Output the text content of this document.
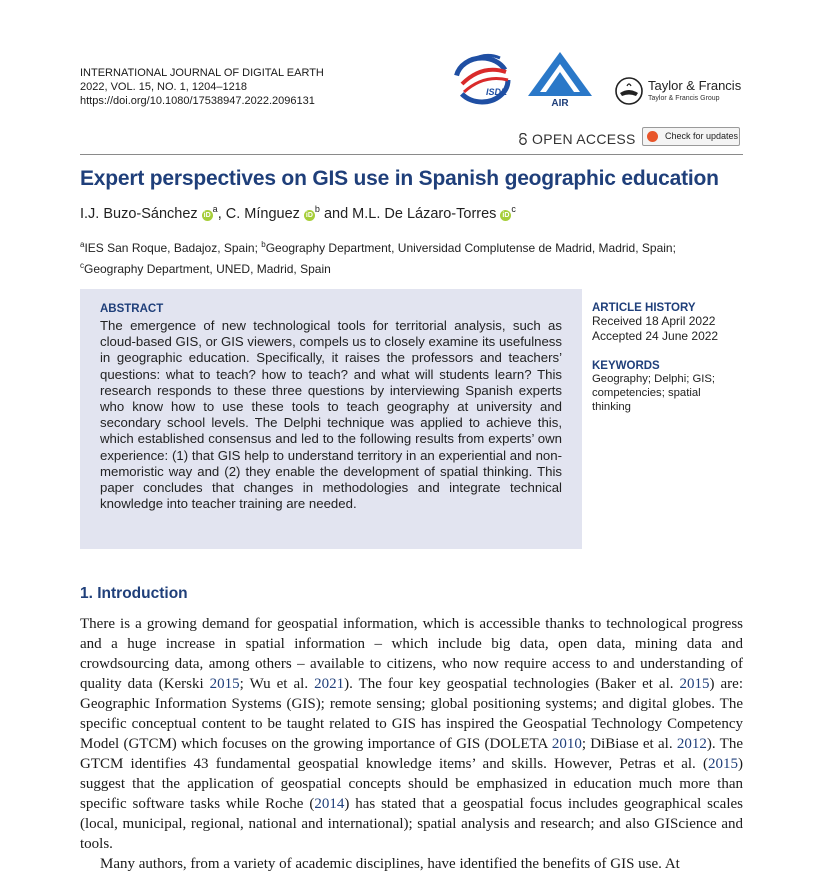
INTERNATIONAL JOURNAL OF DIGITAL EARTH
2022, VOL. 15, NO. 1, 1204–1218
https://doi.org/10.1080/17538947.2022.2096131
ISDE
AIR
Taylor & Francis
Taylor & Francis Group
OPEN ACCESS	Check for updates
Expert perspectives on GIS use in Spanish geographic education
I.J. Buzo-Sánchez $iD^a$, C. Mínguez $iD^b$ and M.L. De Lázaro-Torres $iD^c$
$^a$IES San Roque, Badajoz, Spain; $^b$Geography Department, Universidad Complutense de Madrid, Madrid, Spain;
$^c$Geography Department, UNED, Madrid, Spain
ABSTRACT
The emergence of new technological tools for territorial analysis, such as cloud-based GIS, or GIS viewers, compels us to closely examine its usefulness in geographic education. Specifically, it raises the professors and teachers’ questions: what to teach? how to teach? and what will students learn? This research responds to these three questions by interviewing Spanish experts who know how to use these tools to teach geography at university and secondary school levels. The Delphi technique was applied to achieve this, which established consensus and led to the following results from experts’ own experience: (1) that GIS help to understand territory in an experiential and non-memoristic way and (2) they enable the development of spatial thinking. This paper concludes that changes in methodologies and integrate technical knowledge into teacher training are needed.
ARTICLE HISTORY
Received 18 April 2022
Accepted 24 June 2022
KEYWORDS
Geography; Delphi; GIS; competencies; spatial thinking
1. Introduction

There is a growing demand for geospatial information, which is accessible thanks to technological progress and a huge increase in spatial information – which include big data, open data, mining data and crowdsourcing data, among others – available to citizens, who now require access to and understanding of quality data (Kerski 2015; Wu et al. 2021). The four key geospatial technologies (Baker et al. 2015) are: Geographic Information Systems (GIS); remote sensing; global positioning systems; and digital globes. The specific conceptual content to be taught related to GIS has inspired the Geospatial Technology Competency Model (GTCM) which focuses on the growing importance of GIS (DOLETA 2010; DiBiase et al. 2012). The GTCM identifies 43 fundamental geospatial knowledge items’ and skills. However, Petras et al. (2015) suggest that the application of geospatial concepts should be emphasized in education much more than specific software tasks while Roche (2014) has stated that a geospatial focus includes geographical scales (local, municipal, regional, national and international); spatial analysis and research; and also GIScience and tools.

Many authors, from a variety of academic disciplines, have identified the benefits of GIS use. At
